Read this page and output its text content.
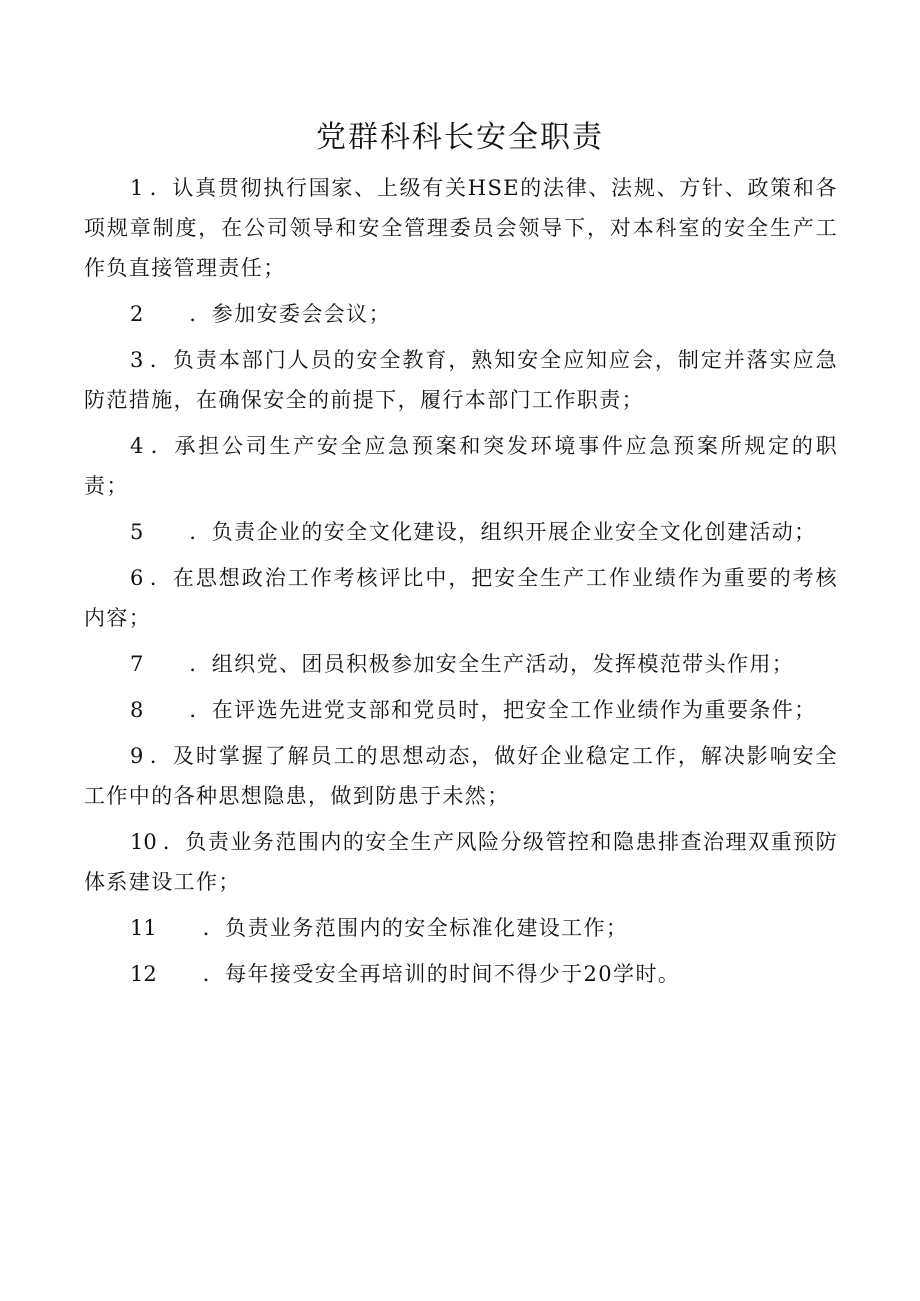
党群科科长安全职责

1 ．认真贯彻执行国家、上级有关HSE的法律、法规、方针、政策和各项规章制度，在公司领导和安全管理委员会领导下，对本科室的安全生产工作负直接管理责任；

2 ．参加安委会会议；

3 ．负责本部门人员的安全教育，熟知安全应知应会，制定并落实应急防范措施，在确保安全的前提下，履行本部门工作职责；

4 ．承担公司生产安全应急预案和突发环境事件应急预案所规定的职责；

5 ．负责企业的安全文化建设，组织开展企业安全文化创建活动；

6 ．在思想政治工作考核评比中，把安全生产工作业绩作为重要的考核内容；

7 ．组织党、团员积极参加安全生产活动，发挥模范带头作用；

8 ．在评选先进党支部和党员时，把安全工作业绩作为重要条件；

9 ．及时掌握了解员工的思想动态，做好企业稳定工作，解决影响安全工作中的各种思想隐患，做到防患于未然；

10 ．负责业务范围内的安全生产风险分级管控和隐患排查治理双重预防体系建设工作；

11 ．负责业务范围内的安全标准化建设工作；

12 ．每年接受安全再培训的时间不得少于20学时。
